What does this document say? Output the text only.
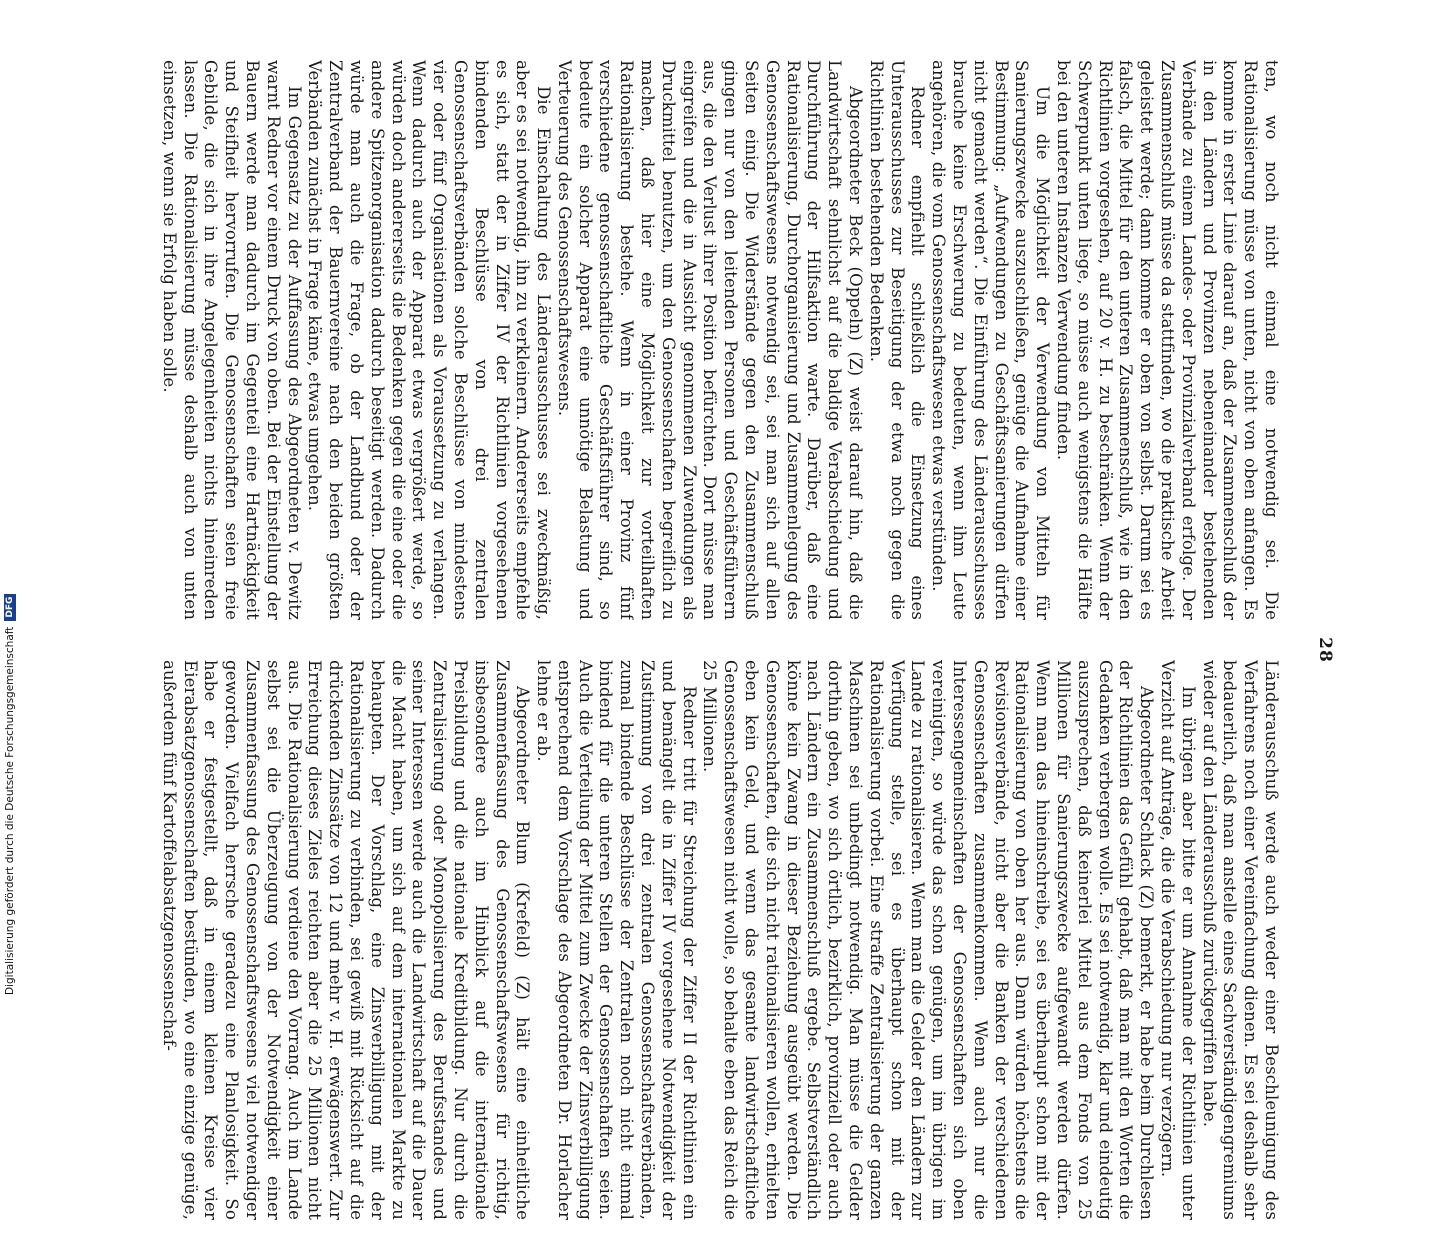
Digitalisierung gefördert durch die Deutsche ForschungsgemeinschaftDFG
28

ten, wo noch nicht einmal eine notwendig sei. Die Rationalisierung müsse von unten, nicht von oben anfangen. Es komme in erster Linie darauf an, daß der Zusammenschluß der in den Ländern und Provinzen nebeneinander bestehenden Verbände zu einem Landes- oder Provinzialverband erfolge. Der Zusammenschluß müsse da stattfinden, wo die praktische Arbeit geleistet werde; dann komme er oben von selbst. Darum sei es falsch, die Mittel für den unteren Zusammenschluß, wie in den Richtlinien vorgesehen, auf 20 v. H. zu beschränken. Wenn der Schwerpunkt unten liege, so müsse auch wenigstens die Hälfte bei den unteren Instanzen Verwendung finden.

Um die Möglichkeit der Verwendung von Mitteln für Sanierungszwecke auszuschließen, genüge die Aufnahme einer Bestimmung: „Aufwendungen zu Geschäftssanierungen dürfen nicht gemacht werden“. Die Einführung des Länderausschusses brauche keine Erschwerung zu bedeuten, wenn ihm Leute angehören, die vom Genossenschaftswesen etwas verstünden.

Redner empfiehlt schließlich die Einsetzung eines Unterausschusses zur Beseitigung der etwa noch gegen die Richtlinien bestehenden Bedenken.

Abgeordneter Beck (Oppeln) (Z) weist darauf hin, daß die Landwirtschaft sehnlichst auf die baldige Verabschiedung und Durchführung der Hilfsaktion warte. Darüber, daß eine Rationalisierung, Durchorganisierung und Zusammenlegung des Genossenschaftswesens notwendig sei, sei man sich auf allen Seiten einig. Die Widerstände gegen den Zusammenschluß gingen nur von den leitenden Personen und Geschäftsführern aus, die den Verlust ihrer Position befürchten. Dort müsse man eingreifen und die in Aussicht genommenen Zuwendungen als Druckmittel benutzen, um den Genossenschaften begreiflich zu machen, daß hier eine Möglichkeit zur vorteilhaften Rationalisierung bestehe. Wenn in einer Provinz fünf verschiedene genossenschaftliche Geschäftsführer sind, so bedeute ein solcher Apparat eine unnötige Belastung und Verteuerung des Genossenschaftswesens.

Die Einschaltung des Länderausschusses sei zweckmäßig, aber es sei notwendig, ihn zu verkleinern. Andererseits empfehle es sich, statt der in Ziffer IV der Richtlinien vorgesehenen bindenden Beschlüsse von drei zentralen Genossenschaftsverbänden solche Beschlüsse von mindestens vier oder fünf Organisationen als Voraussetzung zu verlangen. Wenn dadurch auch der Apparat etwas vergrößert werde, so würden doch andererseits die Bedenken gegen die eine oder die andere Spitzenorganisation dadurch beseitigt werden. Dadurch würde man auch die Frage, ob der Landbund oder der Zentralverband der Bauernvereine nach den beiden größten Verbänden zunächst in Frage käme, etwas umgehen.

Im Gegensatz zu der Auffassung des Abgeordneten v. Dewitz warnt Redner vor einem Druck von oben. Bei der Einstellung der Bauern werde man dadurch im Gegenteil eine Hartnäckigkeit und Steifheit hervorrufen. Die Genossenschaften seien freie Gebilde, die sich in ihre Angelegenheiten nichts hineinreden lassen. Die Rationalisierung müsse deshalb auch von unten einsetzen, wenn sie Erfolg haben solle.

Länderausschuß werde auch weder einer Beschleunigung des Verfahrens noch einer Vereinfachung dienen. Es sei deshalb sehr bedauerlich, daß man anstelle eines Sachverständigengremiums wieder auf den Länderausschuß zurückgegriffen habe.

Im übrigen aber bitte er um Annahme der Richtlinien unter Verzicht auf Anträge, die die Verabschiedung nur verzögern.

Abgeordneter Schlack (Z) bemerkt, er habe beim Durchlesen der Richtlinien das Gefühl gehabt, daß man mit den Worten die Gedanken verbergen wolle. Es sei notwendig, klar und eindeutig auszusprechen, daß keinerlei Mittel aus dem Fonds von 25 Millionen für Sanierungszwecke aufgewandt werden dürfen. Wenn man das hineinschreibe, sei es überhaupt schon mit der Rationalisierung von oben her aus. Dann würden höchstens die Revisionsverbände, nicht aber die Banken der verschiedenen Genossenschaften zusammenkommen. Wenn auch nur die Interessengemeinschaften der Genossenschaften sich oben vereinigten, so würde das schon genügen, um im übrigen im Lande zu rationalisieren. Wenn man die Gelder den Ländern zur Verfügung stelle, sei es überhaupt schon mit der Rationalisierung vorbei. Eine straffe Zentralisierung der ganzen Maschinen sei unbedingt notwendig. Man müsse die Gelder dorthin geben, wo sich örtlich, bezirklich, provinziell oder auch nach Ländern ein Zusammenschluß ergebe. Selbstverständlich könne kein Zwang in dieser Beziehung ausgeübt werden. Die Genossenschaften, die sich nicht rationalisieren wollen, erhielten eben kein Geld, und wenn das gesamte landwirtschaftliche Genossenschaftswesen nicht wolle, so behalte eben das Reich die 25 Millionen.

Redner tritt für Streichung der Ziffer II der Richtlinien ein und bemängelt die in Ziffer IV vorgesehene Notwendigkeit der Zustimmung von drei zentralen Genossenschaftsverbänden, zumal bindende Beschlüsse der Zentralen noch nicht einmal bindend für die unteren Stellen der Genossenschaften seien. Auch die Verteilung der Mittel zum Zwecke der Zinsverbilligung entsprechend dem Vorschlage des Abgeordneten Dr. Horlacher lehne er ab.

Abgeordneter Blum (Krefeld) (Z) hält eine einheitliche Zusammenfassung des Genossenschaftswesens für richtig, insbesondere auch im Hinblick auf die internationale Preisbildung und die nationale Kreditbildung. Nur durch die Zentralisierung oder Monopolisierung des Berufsstandes und seiner Interessen werde auch die Landwirtschaft auf die Dauer die Macht haben, um sich auf dem internationalen Markte zu behaupten. Der Vorschlag, eine Zinsverbilligung mit der Rationalisierung zu verbinden, sei gewiß mit Rücksicht auf die drückenden Zinssätze von 12 und mehr v. H. erwägenswert. Zur Erreichung dieses Zieles reichten aber die 25 Millionen nicht aus. Die Rationalisierung verdiene den Vorrang. Auch im Lande selbst sei die Überzeugung von der Notwendigkeit einer Zusammenfassung des Genossenschaftswesens viel notwendiger geworden. Vielfach herrsche geradezu eine Planlosigkeit. So habe er festgestellt, daß in einem kleinen Kreise vier Eierabsatzgenossenschaften bestünden, wo eine einzige genüge, außerdem fünf Kartoffelabsatzgenossenschaf-
